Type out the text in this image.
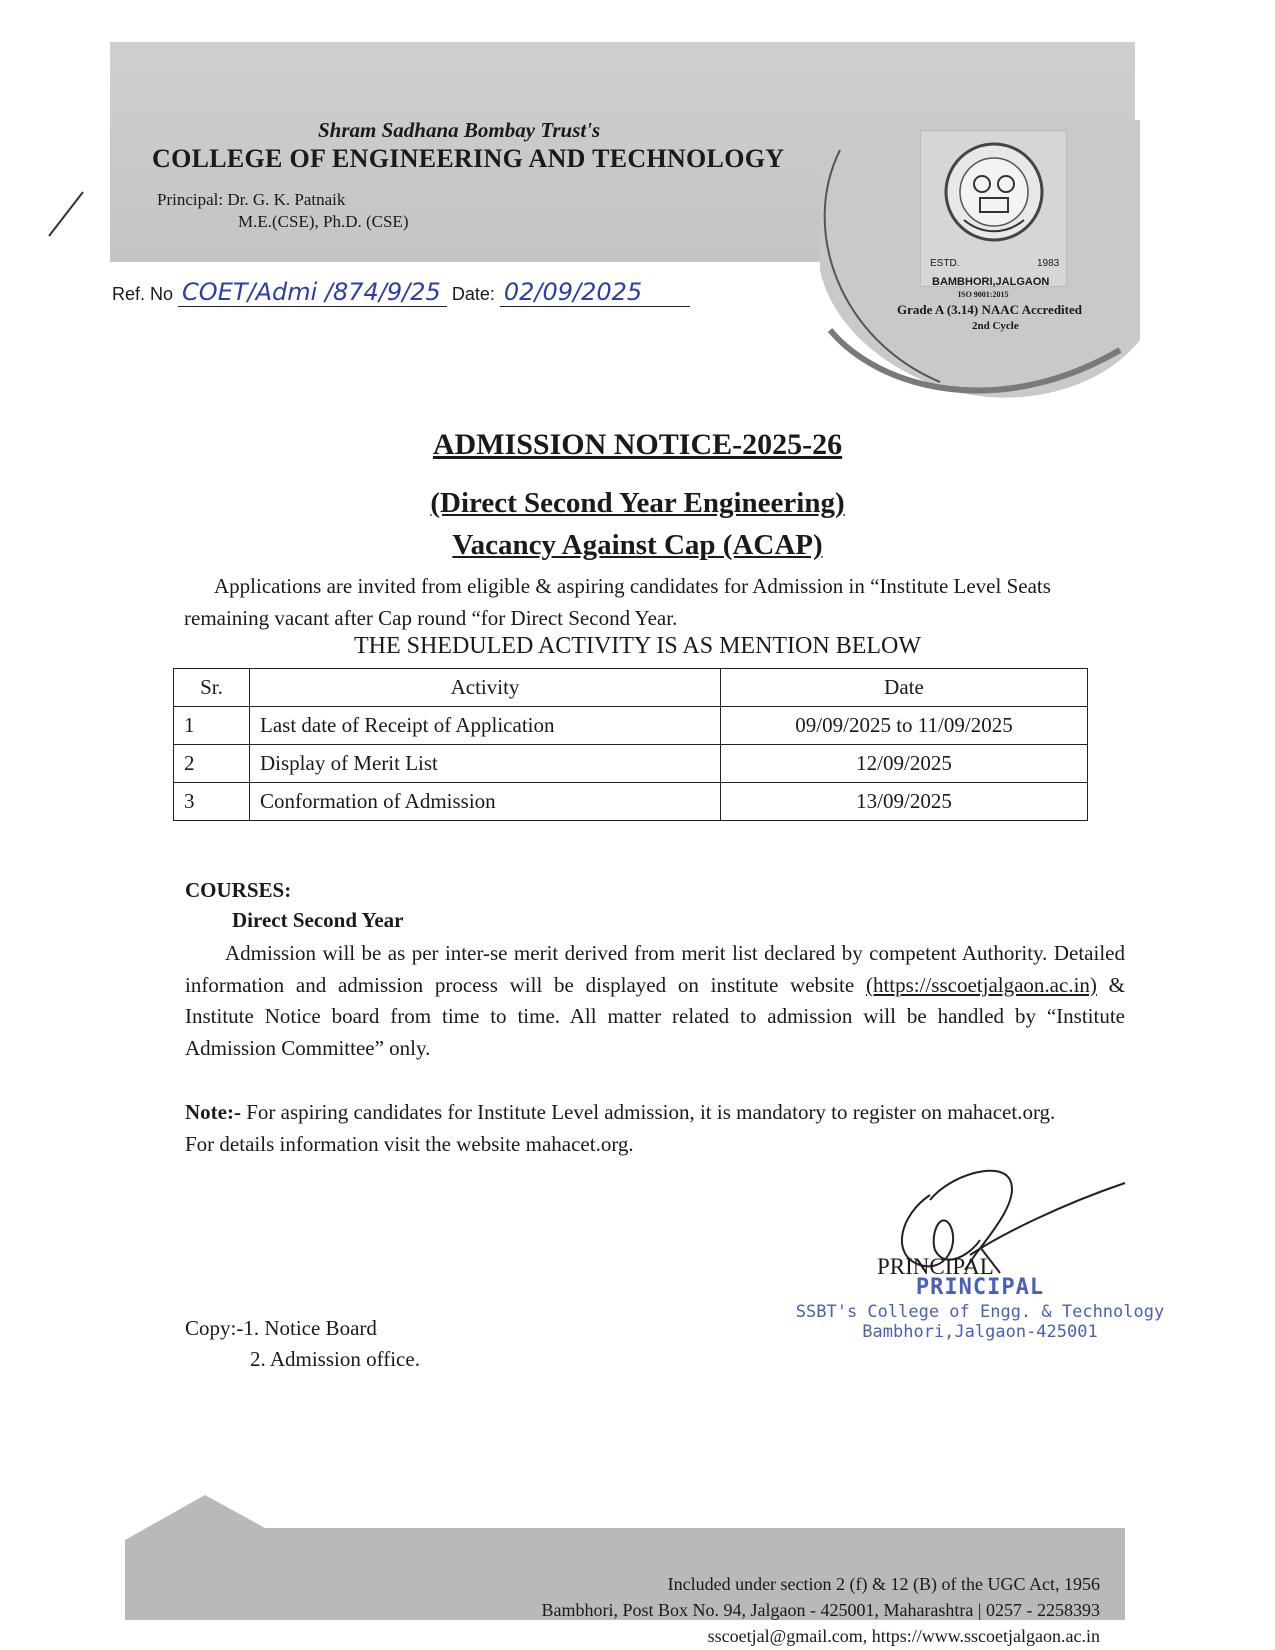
Shram Sadhana Bombay Trust's
COLLEGE OF ENGINEERING AND TECHNOLOGY
Principal: Dr. G. K. Patnaik
M.E.(CSE), Ph.D. (CSE)
ESTD.	1983
BAMBHORI,JALGAON
ISO 9001:2015
Grade A (3.14) NAAC Accredited
2nd Cycle
Ref. No COET/Admi /874/9/25 Date: 02/09/2025
ADMISSION NOTICE-2025-26
(Direct Second Year Engineering)
Vacancy Against Cap (ACAP)
Applications are invited from eligible & aspiring candidates for Admission in “Institute Level Seats remaining vacant after Cap round “for Direct Second Year.
THE SHEDULED ACTIVITY IS AS MENTION BELOW
Sr.	Activity	Date
1	Last date of Receipt of Application	09/09/2025 to 11/09/2025
2	Display of Merit List	12/09/2025
3	Conformation of Admission	13/09/2025
COURSES:
Direct Second Year
Admission will be as per inter-se merit derived from merit list declared by competent Authority. Detailed information and admission process will be displayed on institute website (https://sscoetjalgaon.ac.in) & Institute Notice board from time to time. All matter related to admission will be handled by “Institute Admission Committee” only.
Note:- For aspiring candidates for Institute Level admission, it is mandatory to register on mahacet.org. For details information visit the website mahacet.org.
PRINCIPAL
PRINCIPAL
SSBT's College of Engg. & Technology
Bambhori,Jalgaon-425001
Copy:-1. Notice Board
2. Admission office.
Included under section 2 (f) & 12 (B) of the UGC Act, 1956
Bambhori, Post Box No. 94, Jalgaon - 425001, Maharashtra | 0257 - 2258393
sscoetjal@gmail.com, https://www.sscoetjalgaon.ac.in
